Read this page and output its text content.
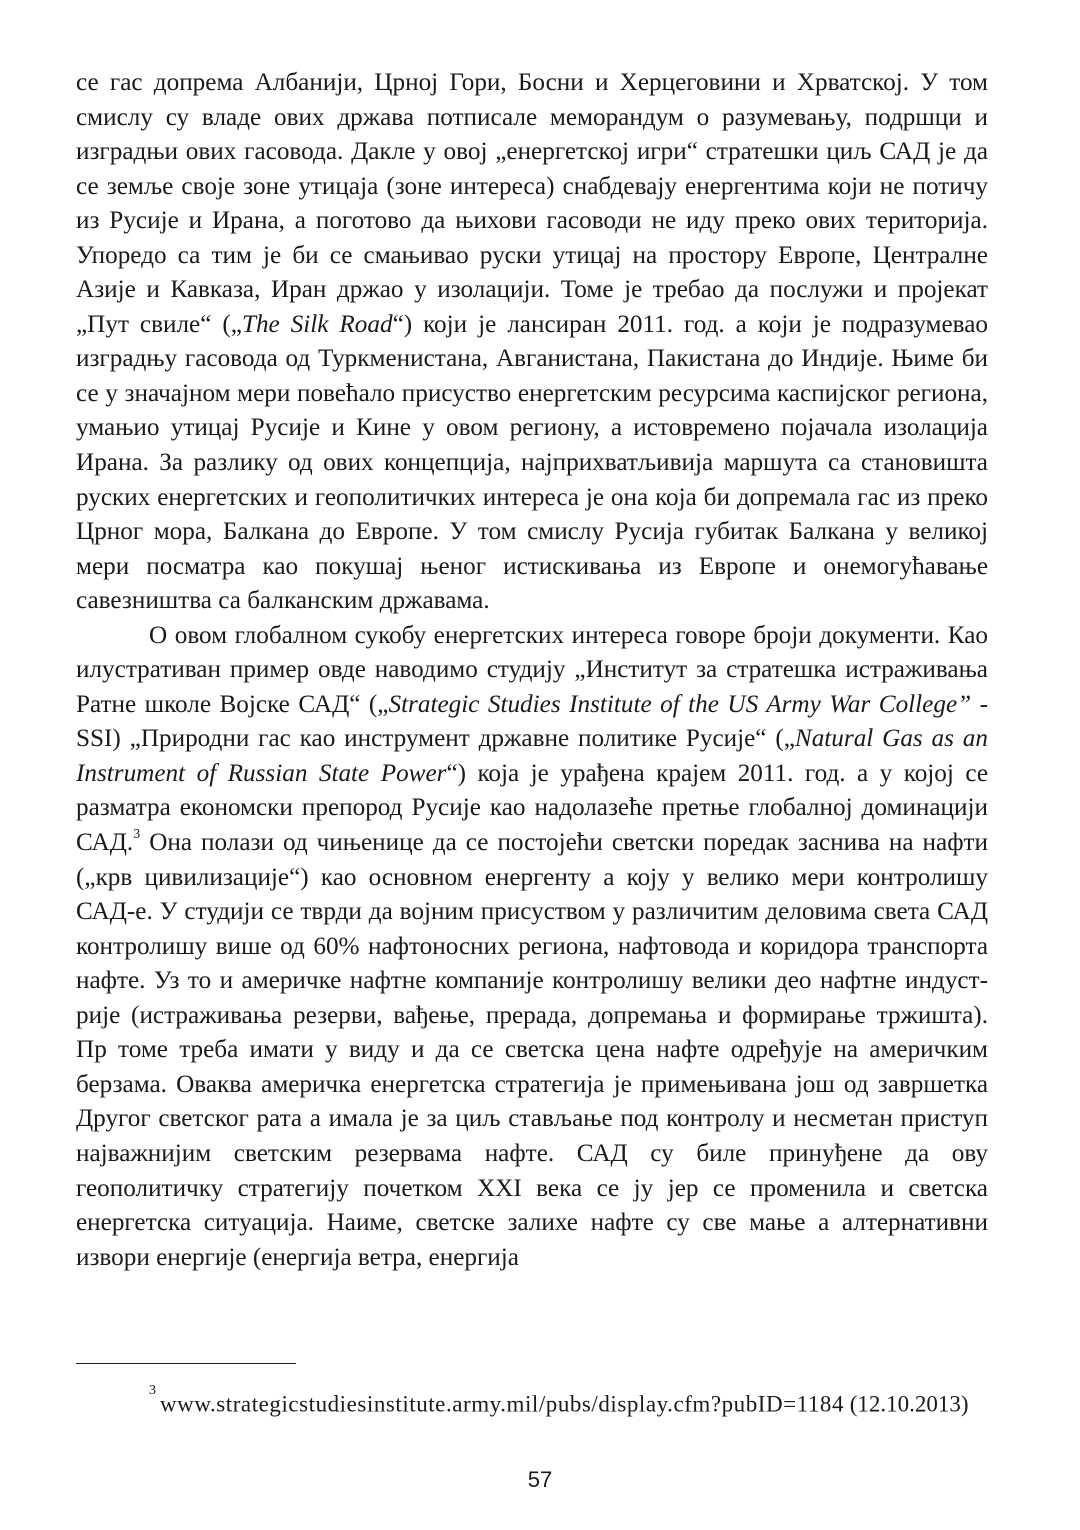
се гас допрема Албанији, Црној Гори, Босни и Херцеговини и Хрватској. У том смислу су владе ових држава потписале меморандум о разумевању, подршци и изградњи ових гасовода. Дакле у овој „енергетској игри“ стратешки циљ САД је да се земље своје зоне утицаја (зоне интереса) снабдевају енергентима који не потичу из Русије и Ирана, а поготово да њихови гасоводи не иду преко ових територија. Упоредо са тим је би се смањивао руски утицај на простору Европе, Централне Азије и Кавказа, Иран држао у изолацији. Томе је требао да послужи и пројекат „Пут свиле“ („The Silk Road“) који је лансиран 2011. год. а који је подразумевао изградњу гасовода од Туркменистана, Авганистана, Пакистана до Индије. Њиме би се у значајном мери повећало присуство енергетским ресурсима каспијског региона, умањио утицај Русије и Кине у овом региону, а истовремено појачала изолација Ирана. За разлику од ових концепција, најприхватљивија маршута са становишта руских енергетских и геополитичких интереса је она која би допремала гас из преко Црног мора, Балкана до Европе. У том смислу Русија губитак Балкана у великој мери посматра као покушај њеног истискивања из Европе и онемогућавање савезништва са балканским државама.

О овом глобалном сукобу енергетских интереса говоре броји документи. Као илустративан пример овде наводимо студију „Институт за стратешка истраживања Ратне школе Војске САД“ („Strategic Studies Institute of the US Army War College” - SSI) „Природни гас као инструмент државне политике Русије“ („Natural Gas as an Instrument of Russian State Power“) која је урађена крајем 2011. год. а у којој се разматра економски препород Русије као надолазеће претње глобалној доминацији САД.$^3$ Она полази од чињенице да се постојећи светски поредак заснива на нафти („крв цивилизације“) као основном енергенту а коју у велико мери контролишу САД-е. У студији се тврди да војним присуством у различитим деловима света САД контролишу више од 60% нафтоносних региона, нафтовода и коридора транспорта нафте. Уз то и америчке нафтне компаније контролишу велики део нафтне индустрије (истраживања резерви, вађење, прерада, допремања и формирање тржишта). Пр томе треба имати у виду и да се светска цена нафте одређује на америчким берзама. Оваква америчка енергетска стратегија је примењивана још од завршетка Другог светског рата а имала је за циљ стављање под контролу и несметан приступ најважнијим светским резервама нафте. САД су биле принуђене да ову геополитичку стратегију почетком XXI века се ју јер се променила и светска енергетска ситуација. Наиме, светске залихе нафте су све мање а алтернативни извори енергије (енергија ветра, енергија

$^3$www.strategicstudiesinstitute.army.mil/pubs/display.cfm?pubID=1184 (12.10.2013)

57
